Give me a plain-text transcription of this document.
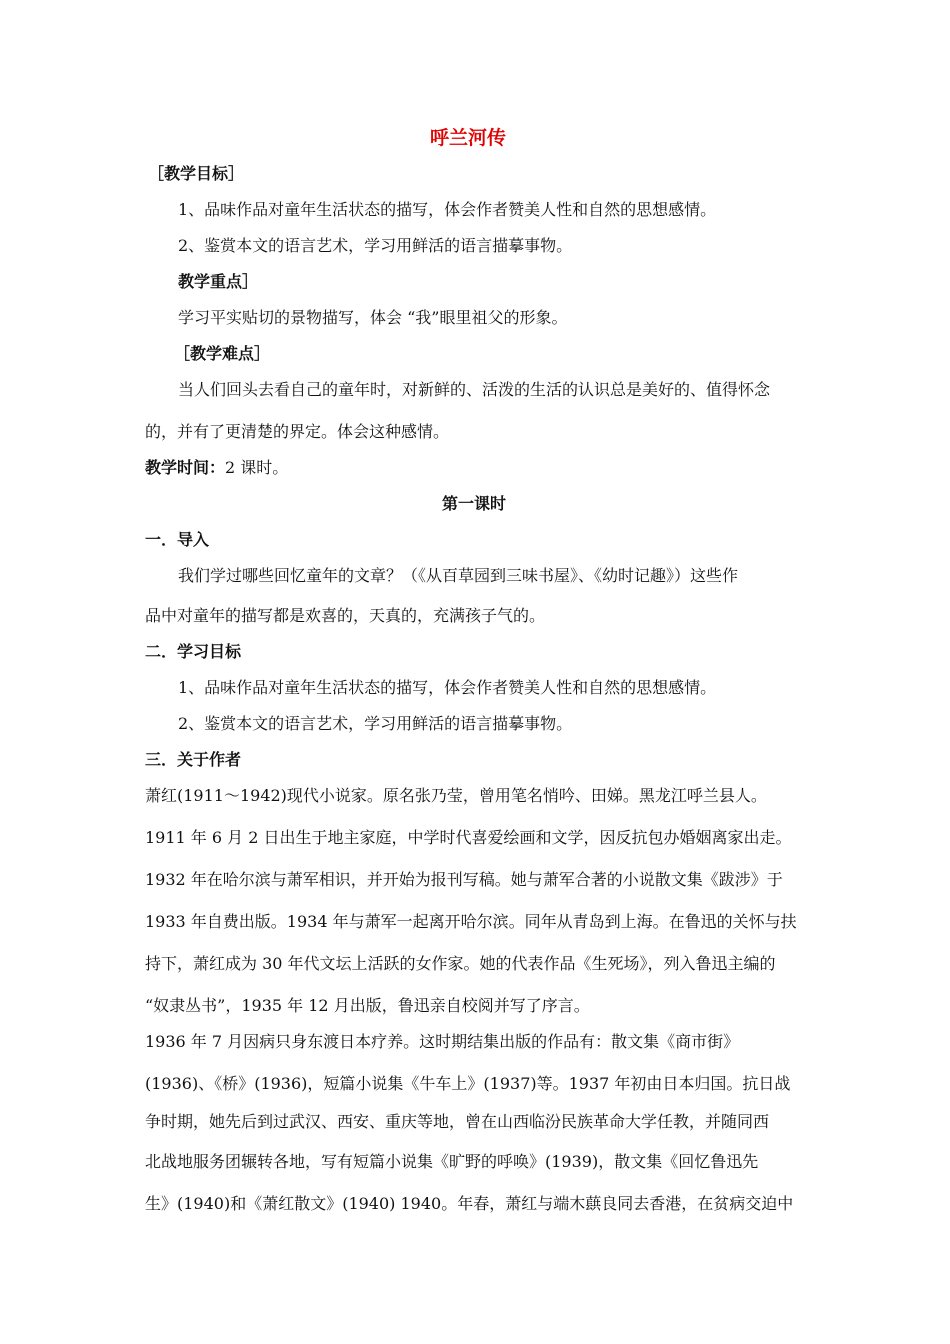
呼兰河传
［教学目标］
1、品味作品对童年生活状态的描写，体会作者赞美人性和自然的思想感情。
2、鉴赏本文的语言艺术，学习用鲜活的语言描摹事物。
教学重点］
学习平实贴切的景物描写，体会 “我”眼里祖父的形象。
［教学难点］
当人们回头去看自己的童年时，对新鲜的、活泼的生活的认识总是美好的、值得怀念
的，并有了更清楚的界定。体会这种感情。
教学时间：2 课时。
第一课时
一．导入
我们学过哪些回忆童年的文章？（《从百草园到三味书屋》、《幼时记趣》）这些作
品中对童年的描写都是欢喜的，天真的，充满孩子气的。
二．学习目标
1、品味作品对童年生活状态的描写，体会作者赞美人性和自然的思想感情。
2、鉴赏本文的语言艺术，学习用鲜活的语言描摹事物。
三．关于作者
萧红(1911～1942)现代小说家。原名张乃莹，曾用笔名悄吟、田娣。黑龙江呼兰县人。
1911 年 6 月 2 日出生于地主家庭，中学时代喜爱绘画和文学，因反抗包办婚姻离家出走。
1932 年在哈尔滨与萧军相识，并开始为报刊写稿。她与萧军合著的小说散文集《跋涉》于
1933 年自费出版。1934 年与萧军一起离开哈尔滨。同年从青岛到上海。在鲁迅的关怀与扶
持下，萧红成为 30 年代文坛上活跃的女作家。她的代表作品《生死场》，列入鲁迅主编的
“奴隶丛书”，1935 年 12 月出版，鲁迅亲自校阅并写了序言。
1936 年 7 月因病只身东渡日本疗养。这时期结集出版的作品有：散文集《商市街》
(1936)、《桥》(1936)，短篇小说集《牛车上》(1937)等。1937 年初由日本归国。抗日战
争时期，她先后到过武汉、西安、重庆等地，曾在山西临汾民族革命大学任教，并随同西
北战地服务团辗转各地，写有短篇小说集《旷野的呼唤》(1939)，散文集《回忆鲁迅先
生》(1940)和《萧红散文》(1940) 1940。年春，萧红与端木蕻良同去香港，在贫病交迫中
